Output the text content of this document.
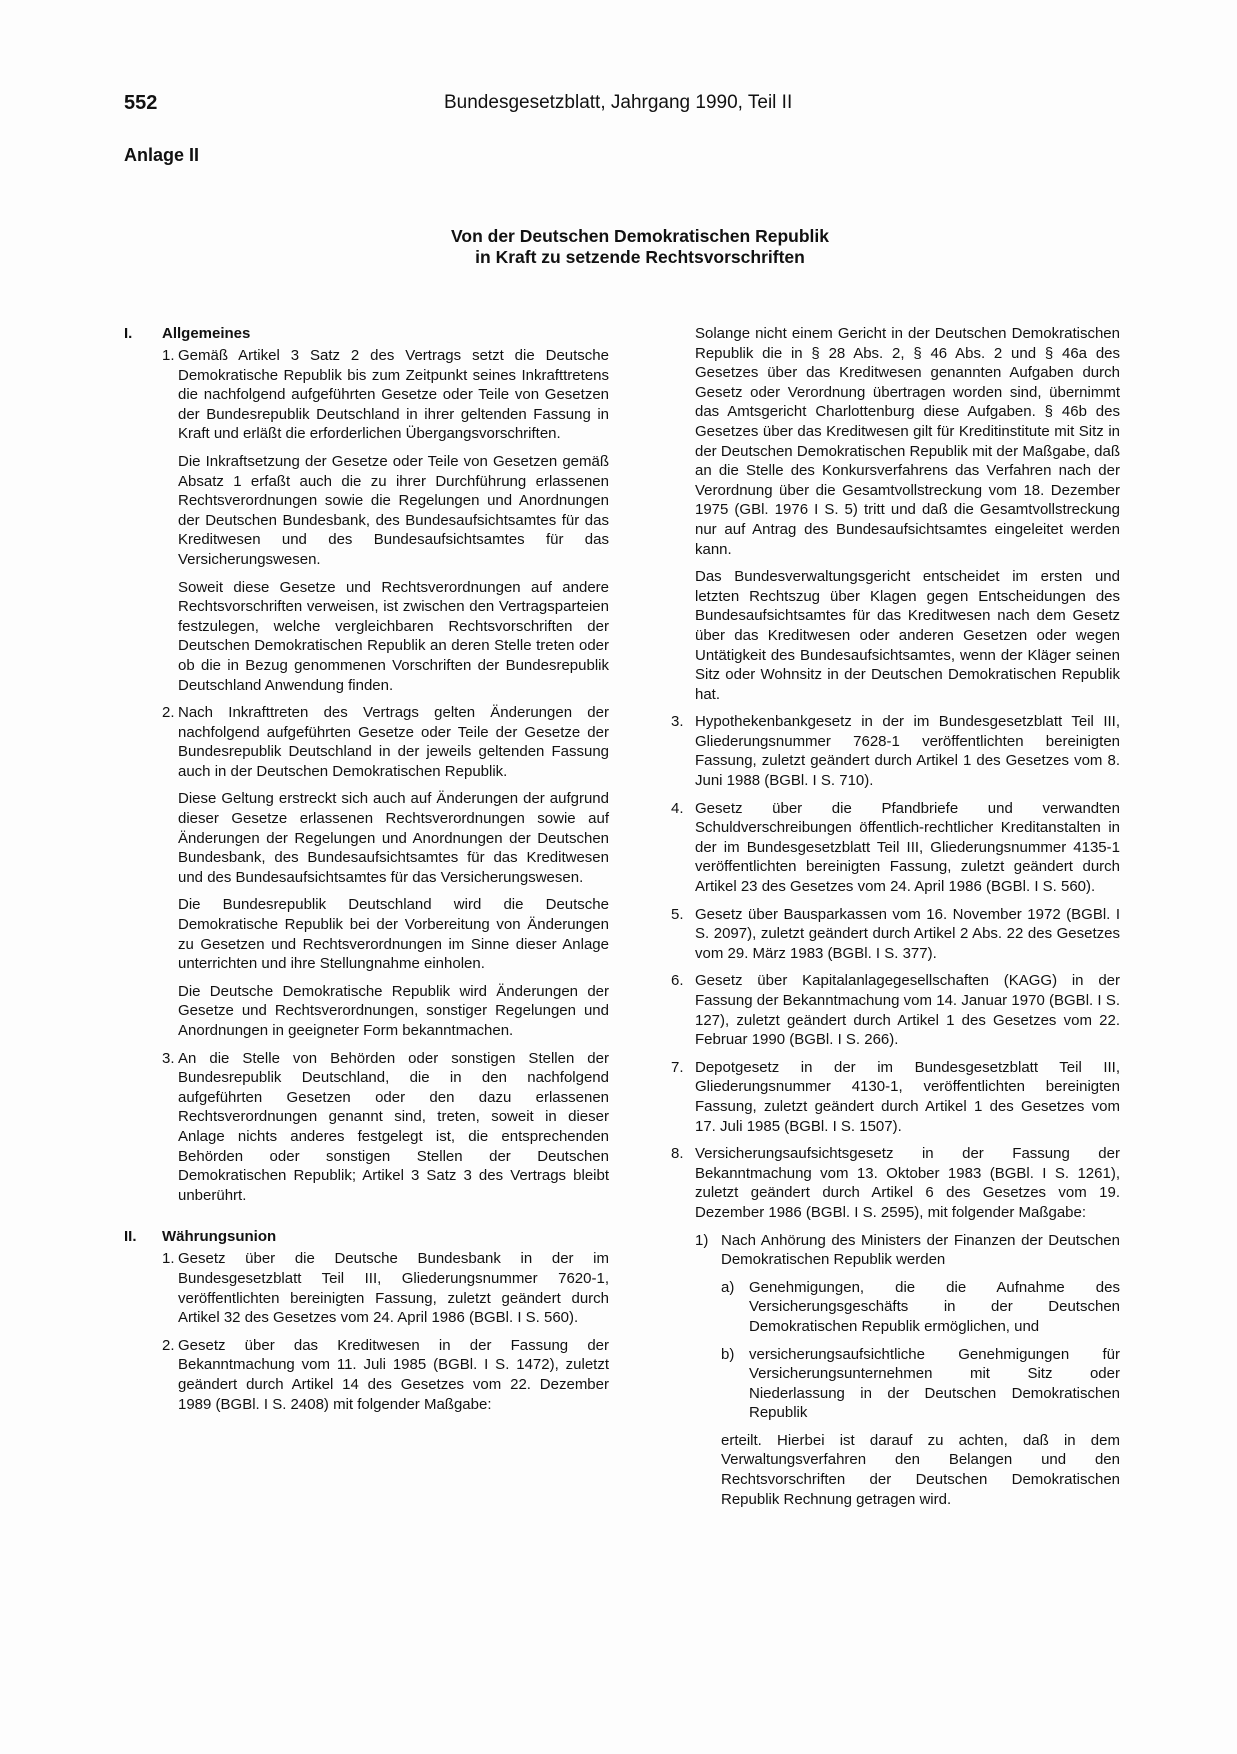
552	Bundesgesetzblatt, Jahrgang 1990, Teil II
Anlage II
Von der Deutschen Demokratischen Republik
in Kraft zu setzende Rechtsvorschriften
I.	Allgemeines
1. Gemäß Artikel 3 Satz 2 des Vertrags setzt die Deutsche Demokratische Republik bis zum Zeitpunkt seines Inkrafttretens die nachfolgend aufgeführten Gesetze oder Teile von Gesetzen der Bundesrepublik Deutschland in ihrer geltenden Fassung in Kraft und erläßt die erforderlichen Übergangsvorschriften.

Die Inkraftsetzung der Gesetze oder Teile von Gesetzen gemäß Absatz 1 erfaßt auch die zu ihrer Durchführung erlassenen Rechtsverordnungen sowie die Regelungen und Anordnungen der Deutschen Bundesbank, des Bundesaufsichtsamtes für das Kreditwesen und des Bundesaufsichtsamtes für das Versicherungswesen.

Soweit diese Gesetze und Rechtsverordnungen auf andere Rechtsvorschriften verweisen, ist zwischen den Vertragsparteien festzulegen, welche vergleichbaren Rechtsvorschriften der Deutschen Demokratischen Republik an deren Stelle treten oder ob die in Bezug genommenen Vorschriften der Bundesrepublik Deutschland Anwendung finden.

2. Nach Inkrafttreten des Vertrags gelten Änderungen der nachfolgend aufgeführten Gesetze oder Teile der Gesetze der Bundesrepublik Deutschland in der jeweils geltenden Fassung auch in der Deutschen Demokratischen Republik.

Diese Geltung erstreckt sich auch auf Änderungen der aufgrund dieser Gesetze erlassenen Rechtsverordnungen sowie auf Änderungen der Regelungen und Anordnungen der Deutschen Bundesbank, des Bundesaufsichtsamtes für das Kreditwesen und des Bundesaufsichtsamtes für das Versicherungswesen.

Die Bundesrepublik Deutschland wird die Deutsche Demokratische Republik bei der Vorbereitung von Änderungen zu Gesetzen und Rechtsverordnungen im Sinne dieser Anlage unterrichten und ihre Stellungnahme einholen.

Die Deutsche Demokratische Republik wird Änderungen der Gesetze und Rechtsverordnungen, sonstiger Regelungen und Anordnungen in geeigneter Form bekanntmachen.

3. An die Stelle von Behörden oder sonstigen Stellen der Bundesrepublik Deutschland, die in den nachfolgend aufgeführten Gesetzen oder den dazu erlassenen Rechtsverordnungen genannt sind, treten, soweit in dieser Anlage nichts anderes festgelegt ist, die entsprechenden Behörden oder sonstigen Stellen der Deutschen Demokratischen Republik; Artikel 3 Satz 3 des Vertrags bleibt unberührt.

II.	Währungsunion
1. Gesetz über die Deutsche Bundesbank in der im Bundesgesetzblatt Teil III, Gliederungsnummer 7620-1, veröffentlichten bereinigten Fassung, zuletzt geändert durch Artikel 32 des Gesetzes vom 24. April 1986 (BGBl. I S. 560).

2. Gesetz über das Kreditwesen in der Fassung der Bekanntmachung vom 11. Juli 1985 (BGBl. I S. 1472), zuletzt geändert durch Artikel 14 des Gesetzes vom 22. Dezember 1989 (BGBl. I S. 2408) mit folgender Maßgabe:

Solange nicht einem Gericht in der Deutschen Demokratischen Republik die in § 28 Abs. 2, § 46 Abs. 2 und § 46a des Gesetzes über das Kreditwesen genannten Aufgaben durch Gesetz oder Verordnung übertragen worden sind, übernimmt das Amtsgericht Charlottenburg diese Aufgaben. § 46b des Gesetzes über das Kreditwesen gilt für Kreditinstitute mit Sitz in der Deutschen Demokratischen Republik mit der Maßgabe, daß an die Stelle des Konkursverfahrens das Verfahren nach der Verordnung über die Gesamtvollstreckung vom 18. Dezember 1975 (GBl. 1976 I S. 5) tritt und daß die Gesamtvollstreckung nur auf Antrag des Bundesaufsichtsamtes eingeleitet werden kann.

Das Bundesverwaltungsgericht entscheidet im ersten und letzten Rechtszug über Klagen gegen Entscheidungen des Bundesaufsichtsamtes für das Kreditwesen nach dem Gesetz über das Kreditwesen oder anderen Gesetzen oder wegen Untätigkeit des Bundesaufsichtsamtes, wenn der Kläger seinen Sitz oder Wohnsitz in der Deutschen Demokratischen Republik hat.

3. Hypothekenbankgesetz in der im Bundesgesetzblatt Teil III, Gliederungsnummer 7628-1 veröffentlichten bereinigten Fassung, zuletzt geändert durch Artikel 1 des Gesetzes vom 8. Juni 1988 (BGBl. I S. 710).

4. Gesetz über die Pfandbriefe und verwandten Schuldverschreibungen öffentlich-rechtlicher Kreditanstalten in der im Bundesgesetzblatt Teil III, Gliederungsnummer 4135-1 veröffentlichten bereinigten Fassung, zuletzt geändert durch Artikel 23 des Gesetzes vom 24. April 1986 (BGBl. I S. 560).

5. Gesetz über Bausparkassen vom 16. November 1972 (BGBl. I S. 2097), zuletzt geändert durch Artikel 2 Abs. 22 des Gesetzes vom 29. März 1983 (BGBl. I S. 377).

6. Gesetz über Kapitalanlagegesellschaften (KAGG) in der Fassung der Bekanntmachung vom 14. Januar 1970 (BGBl. I S. 127), zuletzt geändert durch Artikel 1 des Gesetzes vom 22. Februar 1990 (BGBl. I S. 266).

7. Depotgesetz in der im Bundesgesetzblatt Teil III, Gliederungsnummer 4130-1, veröffentlichten bereinigten Fassung, zuletzt geändert durch Artikel 1 des Gesetzes vom 17. Juli 1985 (BGBl. I S. 1507).

8. Versicherungsaufsichtsgesetz in der Fassung der Bekanntmachung vom 13. Oktober 1983 (BGBl. I S. 1261), zuletzt geändert durch Artikel 6 des Gesetzes vom 19. Dezember 1986 (BGBl. I S. 2595), mit folgender Maßgabe:

1) Nach Anhörung des Ministers der Finanzen der Deutschen Demokratischen Republik werden

a) Genehmigungen, die die Aufnahme des Versicherungsgeschäfts in der Deutschen Demokratischen Republik ermöglichen, und

b) versicherungsaufsichtliche Genehmigungen für Versicherungsunternehmen mit Sitz oder Niederlassung in der Deutschen Demokratischen Republik

erteilt. Hierbei ist darauf zu achten, daß in dem Verwaltungsverfahren den Belangen und den Rechtsvorschriften der Deutschen Demokratischen Republik Rechnung getragen wird.
